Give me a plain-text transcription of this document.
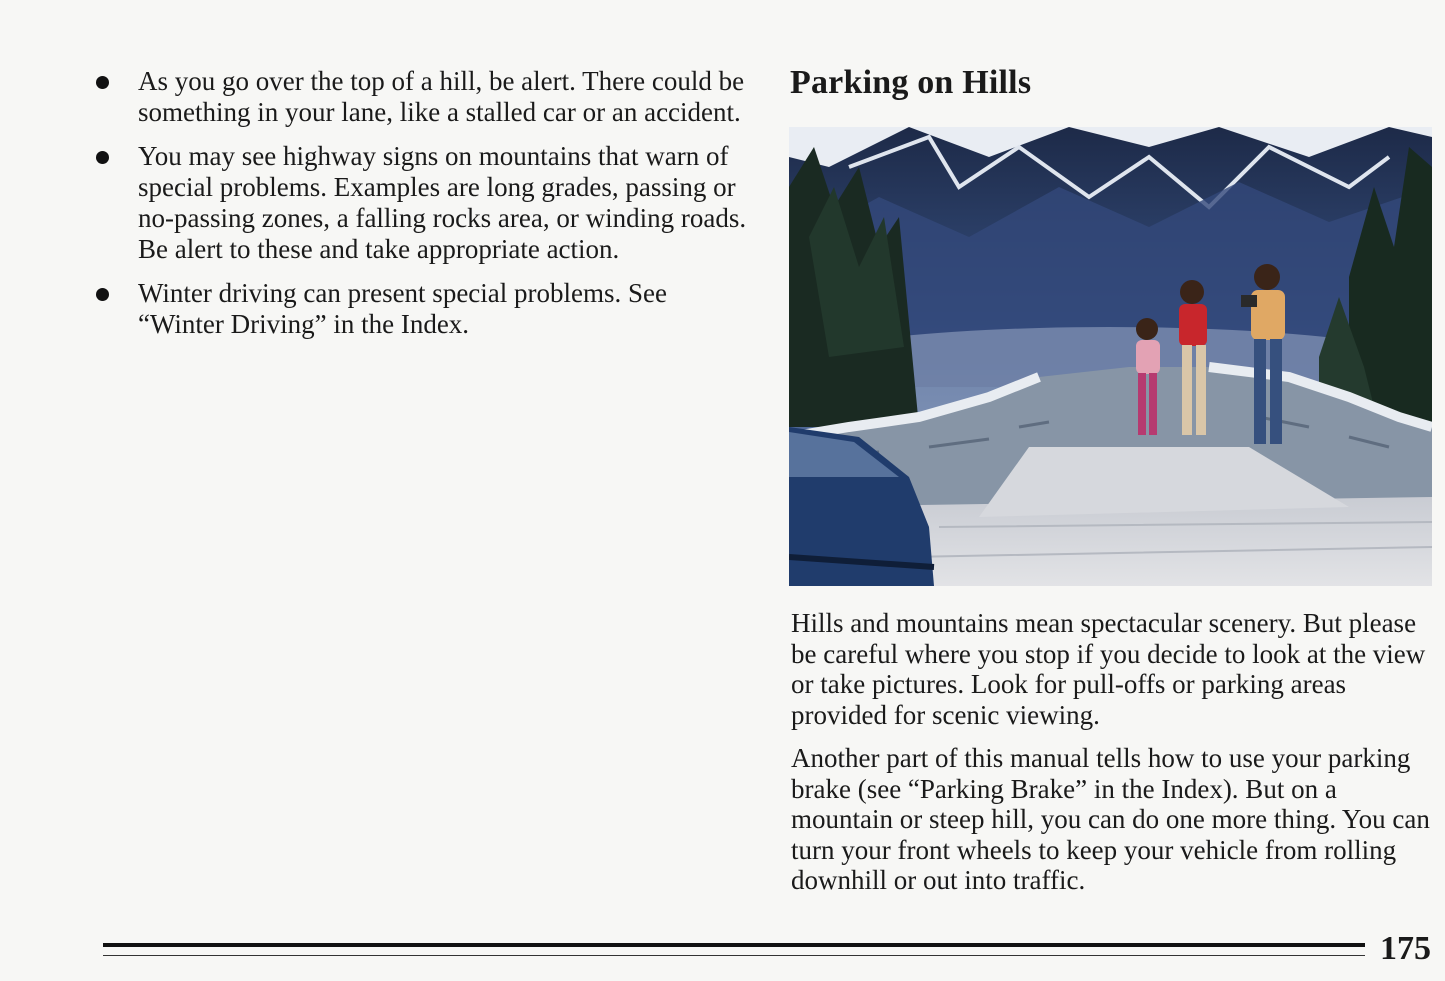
As you go over the top of a hill, be alert. There could be something in your lane, like a stalled car or an accident.
You may see highway signs on mountains that warn of special problems. Examples are long grades, passing or no-passing zones, a falling rocks area, or winding roads. Be alert to these and take appropriate action.
Winter driving can present special problems. See “Winter Driving” in the Index.
Parking on Hills

Hills and mountains mean spectacular scenery. But please be careful where you stop if you decide to look at the view or take pictures. Look for pull-offs or parking areas provided for scenic viewing.

Another part of this manual tells how to use your parking brake (see “Parking Brake” in the Index). But on a mountain or steep hill, you can do one more thing. You can turn your front wheels to keep your vehicle from rolling downhill or out into traffic.

175
